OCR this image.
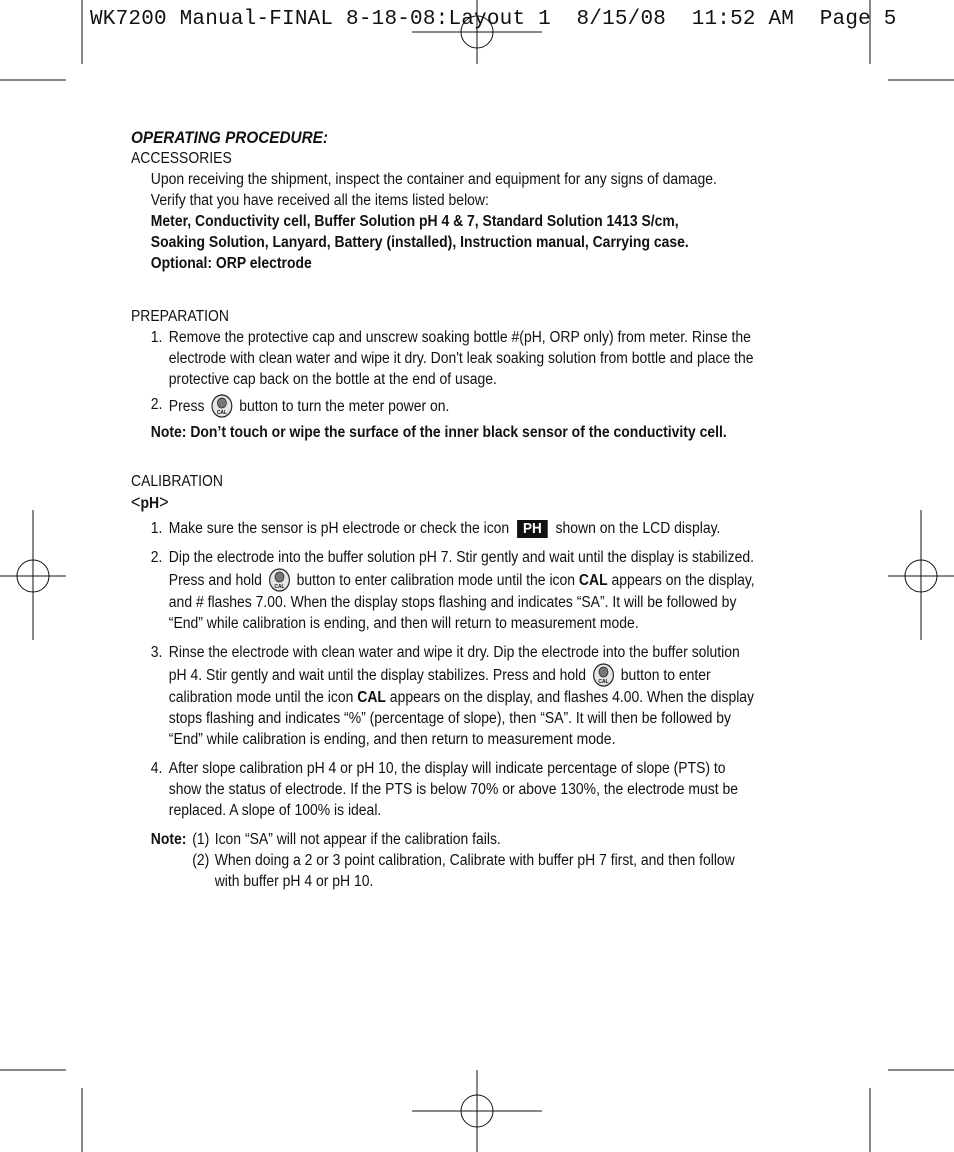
WK7200 Manual-FINAL 8-18-08:Layout 1  8/15/08  11:52 AM  Page 5

OPERATING PROCEDURE:

ACCESSORIES

Upon receiving the shipment, inspect the container and equipment for any signs of damage.

Verify that you have received all the items listed below:

Meter, Conductivity cell, Buffer Solution pH 4 & 7, Standard Solution 1413 S/cm, Soaking Solution, Lanyard, Battery (installed), Instruction manual, Carrying case.

Optional: ORP electrode

PREPARATION

1. Remove the protective cap and unscrew soaking bottle #(pH, ORP only) from meter. Rinse the electrode with clean water and wipe it dry. Don't leak soaking solution from bottle and place the protective cap back on the bottle at the end of usage.
2. Press CAL button to turn the meter power on.

Note: Don’t touch or wipe the surface of the inner black sensor of the conductivity cell.

CALIBRATION

<pH>

1. Make sure the sensor is pH electrode or check the icon PH shown on the LCD display.
2. Dip the electrode into the buffer solution pH 7. Stir gently and wait until the display is stabilized. Press and hold CAL button to enter calibration mode until the icon CAL appears on the display, and # flashes 7.00. When the display stops flashing and indicates “SA”. It will be followed by “End” while calibration is ending, and then will return to measurement mode.
3. Rinse the electrode with clean water and wipe it dry. Dip the electrode into the buffer solution pH 4. Stir gently and wait until the display stabilizes. Press and hold CAL button to enter calibration mode until the icon CAL appears on the display, and flashes 4.00. When the display stops flashing and indicates “%” (percentage of slope), then “SA”. It will then be followed by “End” while calibration is ending, and then return to measurement mode.
4. After slope calibration pH 4 or pH 10, the display will indicate percentage of slope (PTS) to show the status of electrode. If the PTS is below 70% or above 130%, the electrode must be replaced. A slope of 100% is ideal.
Note: (1) Icon “SA” will not appear if the calibration fails.
(2) When doing a 2 or 3 point calibration, Calibrate with buffer pH 7 first, and then follow with buffer pH 4 or pH 10.
